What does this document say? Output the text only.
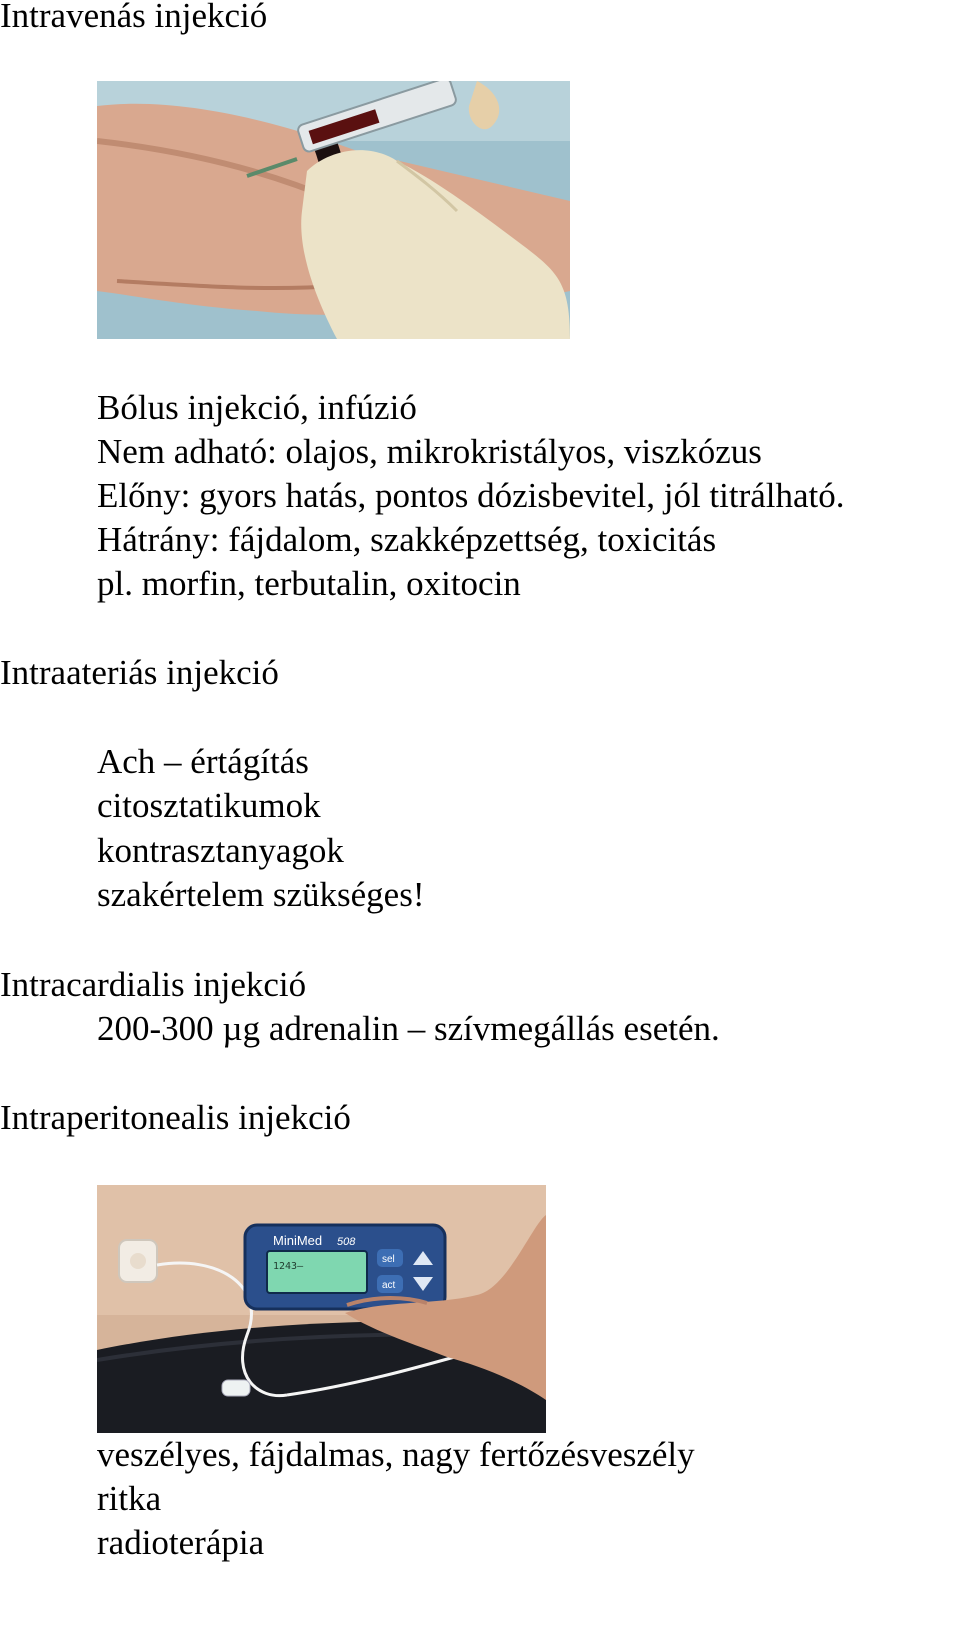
Intravenás injekció
Bólus injekció, infúzió
Nem adható: olajos, mikrokristályos, viszkózus
Előny: gyors hatás, pontos dózisbevitel, jól titrálható.
Hátrány: fájdalom, szakképzettség, toxicitás
pl. morfin, terbutalin, oxitocin
Intraateriás injekció
Ach – értágítás
citosztatikumok
kontrasztanyagok
szakértelem szükséges!
Intracardialis injekció
200-300 µg adrenalin – szívmegállás esetén.
Intraperitonealis injekció
1243–
MiniMed 508
sel
act
veszélyes, fájdalmas, nagy fertőzésveszély
ritka
radioterápia
